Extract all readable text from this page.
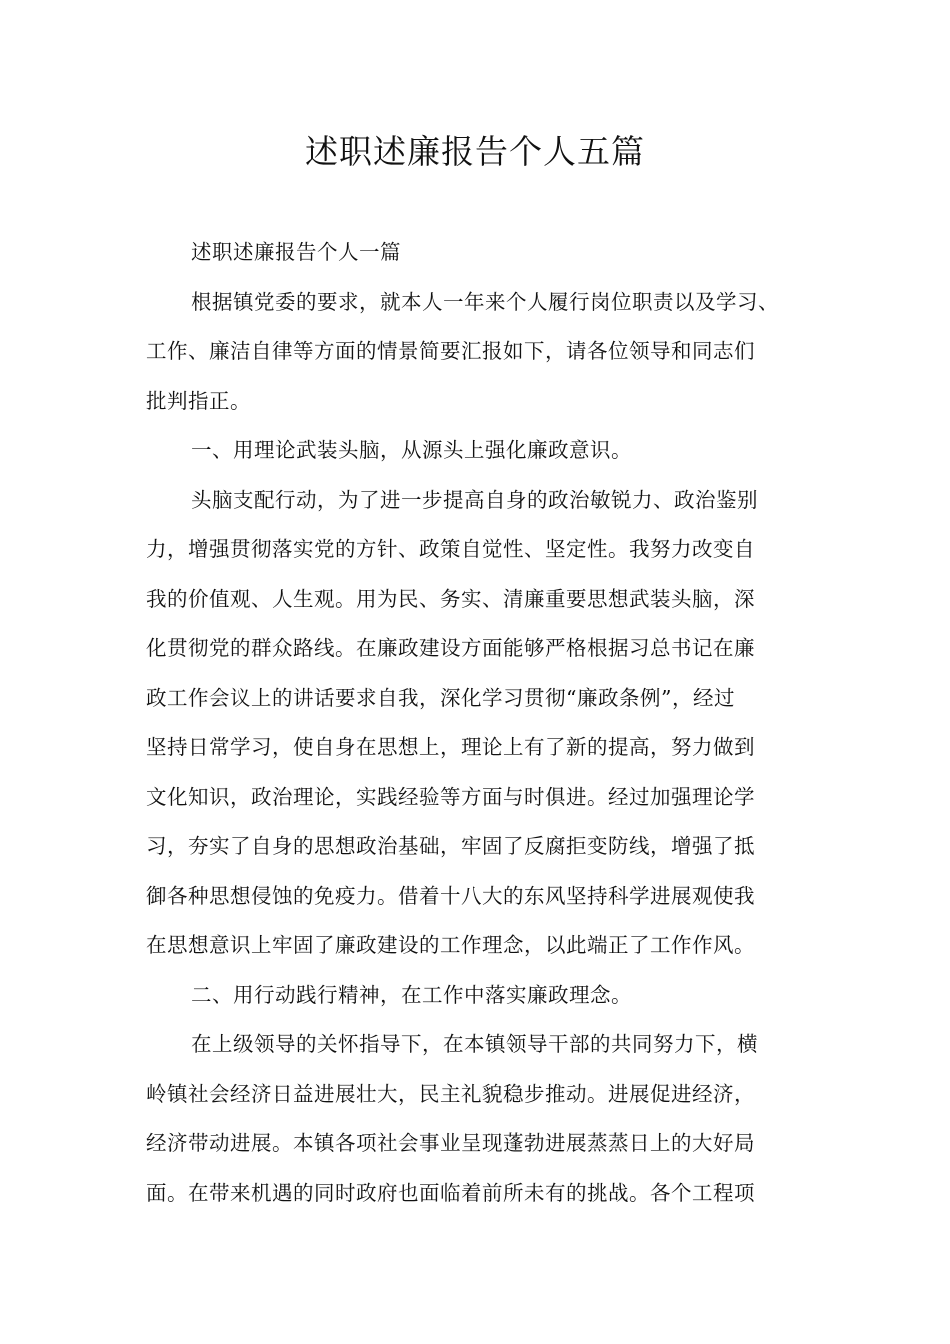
述职述廉报告个人五篇
述职述廉报告个人一篇
根据镇党委的要求，就本人一年来个人履行岗位职责以及学习、
工作、廉洁自律等方面的情景简要汇报如下，请各位领导和同志们
批判指正。
一、用理论武装头脑，从源头上强化廉政意识。
头脑支配行动，为了进一步提高自身的政治敏锐力、政治鉴别
力，增强贯彻落实党的方针、政策自觉性、坚定性。我努力改变自
我的价值观、人生观。用为民、务实、清廉重要思想武装头脑，深
化贯彻党的群众路线。在廉政建设方面能够严格根据习总书记在廉
政工作会议上的讲话要求自我，深化学习贯彻“廉政条例”，经过
坚持日常学习，使自身在思想上，理论上有了新的提高，努力做到
文化知识，政治理论，实践经验等方面与时俱进。经过加强理论学
习，夯实了自身的思想政治基础，牢固了反腐拒变防线，增强了抵
御各种思想侵蚀的免疫力。借着十八大的东风坚持科学进展观使我
在思想意识上牢固了廉政建设的工作理念，以此端正了工作作风。
二、用行动践行精神，在工作中落实廉政理念。
在上级领导的关怀指导下，在本镇领导干部的共同努力下，横
岭镇社会经济日益进展壮大，民主礼貌稳步推动。进展促进经济，
经济带动进展。本镇各项社会事业呈现蓬勃进展蒸蒸日上的大好局
面。在带来机遇的同时政府也面临着前所未有的挑战。各个工程项
